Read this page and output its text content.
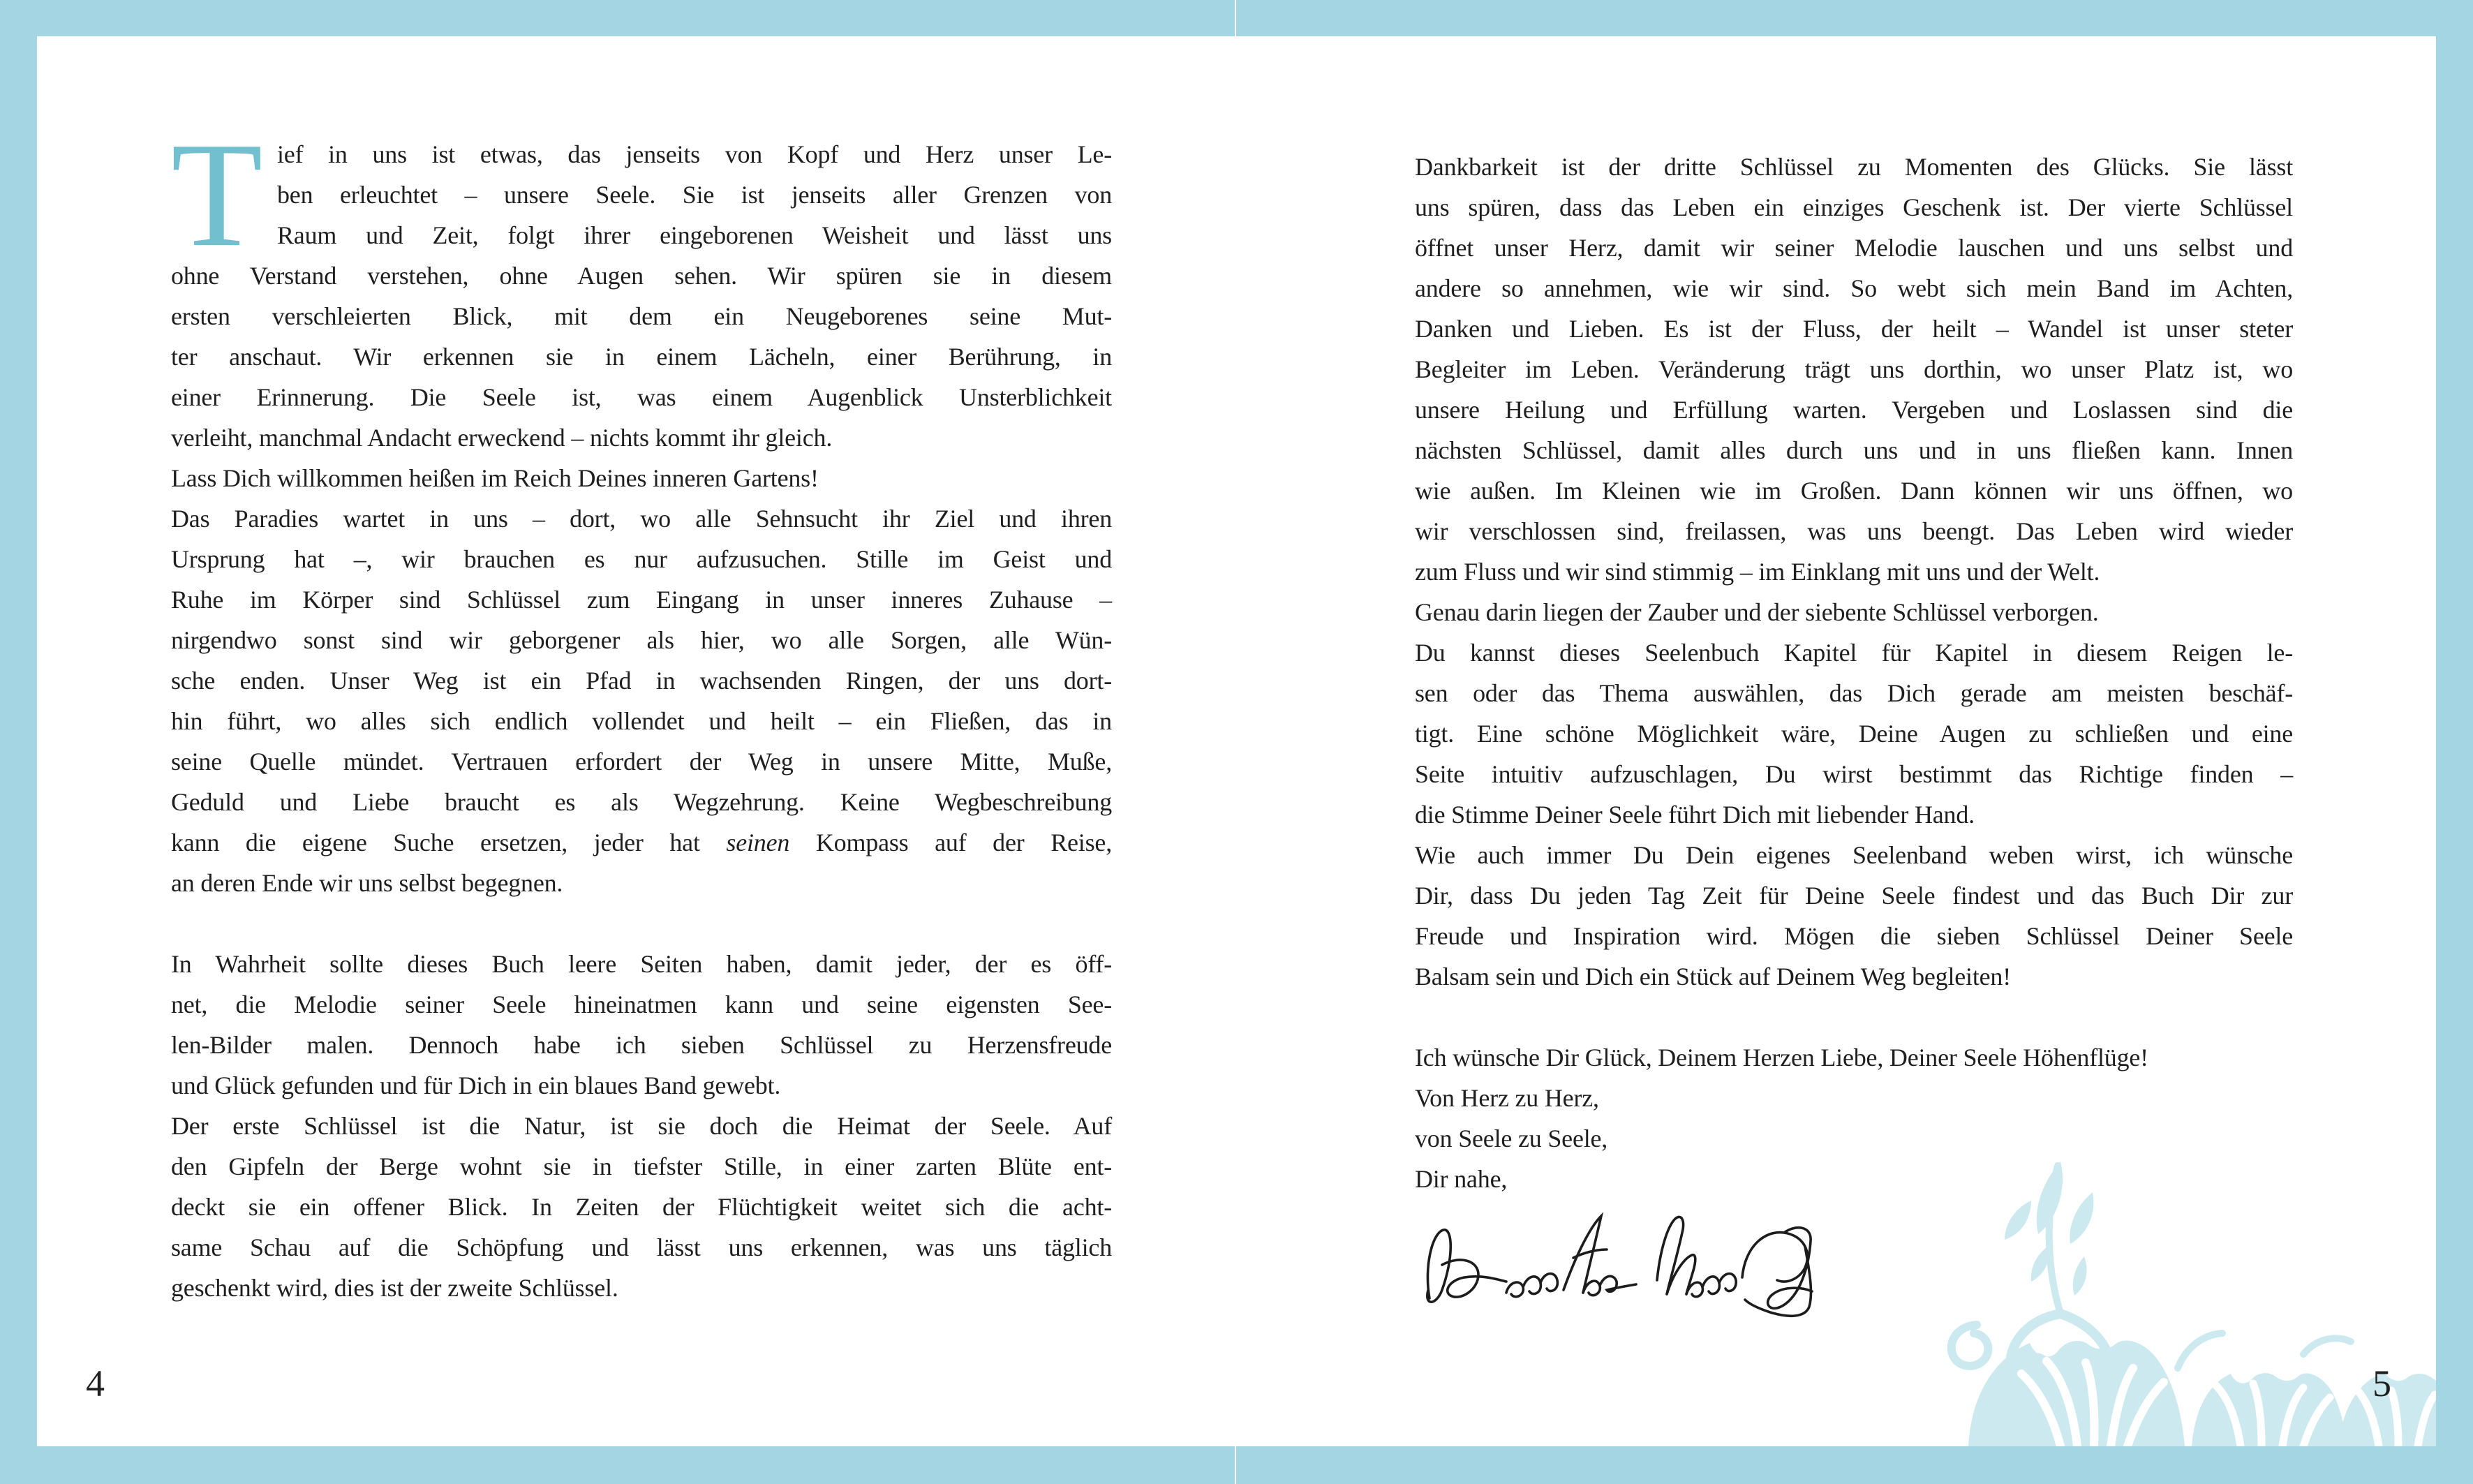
T ief in uns ist etwas, das jenseits von Kopf und Herz unser Le-
ben erleuchtet – unsere Seele. Sie ist jenseits aller Grenzen von
Raum und Zeit, folgt ihrer eingeborenen Weisheit und lässt uns
ohne Verstand verstehen, ohne Augen sehen. Wir spüren sie in diesem
ersten verschleierten Blick, mit dem ein Neugeborenes seine Mut-
ter anschaut. Wir erkennen sie in einem Lächeln, einer Berührung, in
einer Erinnerung. Die Seele ist, was einem Augenblick Unsterblichkeit
verleiht, manchmal Andacht erweckend – nichts kommt ihr gleich.
Lass Dich willkommen heißen im Reich Deines inneren Gartens!
Das Paradies wartet in uns – dort, wo alle Sehnsucht ihr Ziel und ihren
Ursprung hat –, wir brauchen es nur aufzusuchen. Stille im Geist und
Ruhe im Körper sind Schlüssel zum Eingang in unser inneres Zuhause –
nirgendwo sonst sind wir geborgener als hier, wo alle Sorgen, alle Wün-
sche enden. Unser Weg ist ein Pfad in wachsenden Ringen, der uns dort-
hin führt, wo alles sich endlich vollendet und heilt – ein Fließen, das in
seine Quelle mündet. Vertrauen erfordert der Weg in unsere Mitte, Muße,
Geduld und Liebe braucht es als Wegzehrung. Keine Wegbeschreibung
kann die eigene Suche ersetzen, jeder hat seinen Kompass auf der Reise,
an deren Ende wir uns selbst begegnen.
In Wahrheit sollte dieses Buch leere Seiten haben, damit jeder, der es öff-
net, die Melodie seiner Seele hineinatmen kann und seine eigensten See-
len-Bilder malen. Dennoch habe ich sieben Schlüssel zu Herzensfreude
und Glück gefunden und für Dich in ein blaues Band gewebt.
Der erste Schlüssel ist die Natur, ist sie doch die Heimat der Seele. Auf
den Gipfeln der Berge wohnt sie in tiefster Stille, in einer zarten Blüte ent-
deckt sie ein offener Blick. In Zeiten der Flüchtigkeit weitet sich die acht-
same Schau auf die Schöpfung und lässt uns erkennen, was uns täglich
geschenkt wird, dies ist der zweite Schlüssel.
4
Dankbarkeit ist der dritte Schlüssel zu Momenten des Glücks. Sie lässt
uns spüren, dass das Leben ein einziges Geschenk ist. Der vierte Schlüssel
öffnet unser Herz, damit wir seiner Melodie lauschen und uns selbst und
andere so annehmen, wie wir sind. So webt sich mein Band im Achten,
Danken und Lieben. Es ist der Fluss, der heilt – Wandel ist unser steter
Begleiter im Leben. Veränderung trägt uns dorthin, wo unser Platz ist, wo
unsere Heilung und Erfüllung warten. Vergeben und Loslassen sind die
nächsten Schlüssel, damit alles durch uns und in uns fließen kann. Innen
wie außen. Im Kleinen wie im Großen. Dann können wir uns öffnen, wo
wir verschlossen sind, freilassen, was uns beengt. Das Leben wird wieder
zum Fluss und wir sind stimmig – im Einklang mit uns und der Welt.
Genau darin liegen der Zauber und der siebente Schlüssel verborgen.
Du kannst dieses Seelenbuch Kapitel für Kapitel in diesem Reigen le-
sen oder das Thema auswählen, das Dich gerade am meisten beschäf-
tigt. Eine schöne Möglichkeit wäre, Deine Augen zu schließen und eine
Seite intuitiv aufzuschlagen, Du wirst bestimmt das Richtige finden –
die Stimme Deiner Seele führt Dich mit liebender Hand.
Wie auch immer Du Dein eigenes Seelenband weben wirst, ich wünsche
Dir, dass Du jeden Tag Zeit für Deine Seele findest und das Buch Dir zur
Freude und Inspiration wird. Mögen die sieben Schlüssel Deiner Seele
Balsam sein und Dich ein Stück auf Deinem Weg begleiten!
Ich wünsche Dir Glück, Deinem Herzen Liebe, Deiner Seele Höhenflüge!
Von Herz zu Herz,
von Seele zu Seele,
Dir nahe,
5
